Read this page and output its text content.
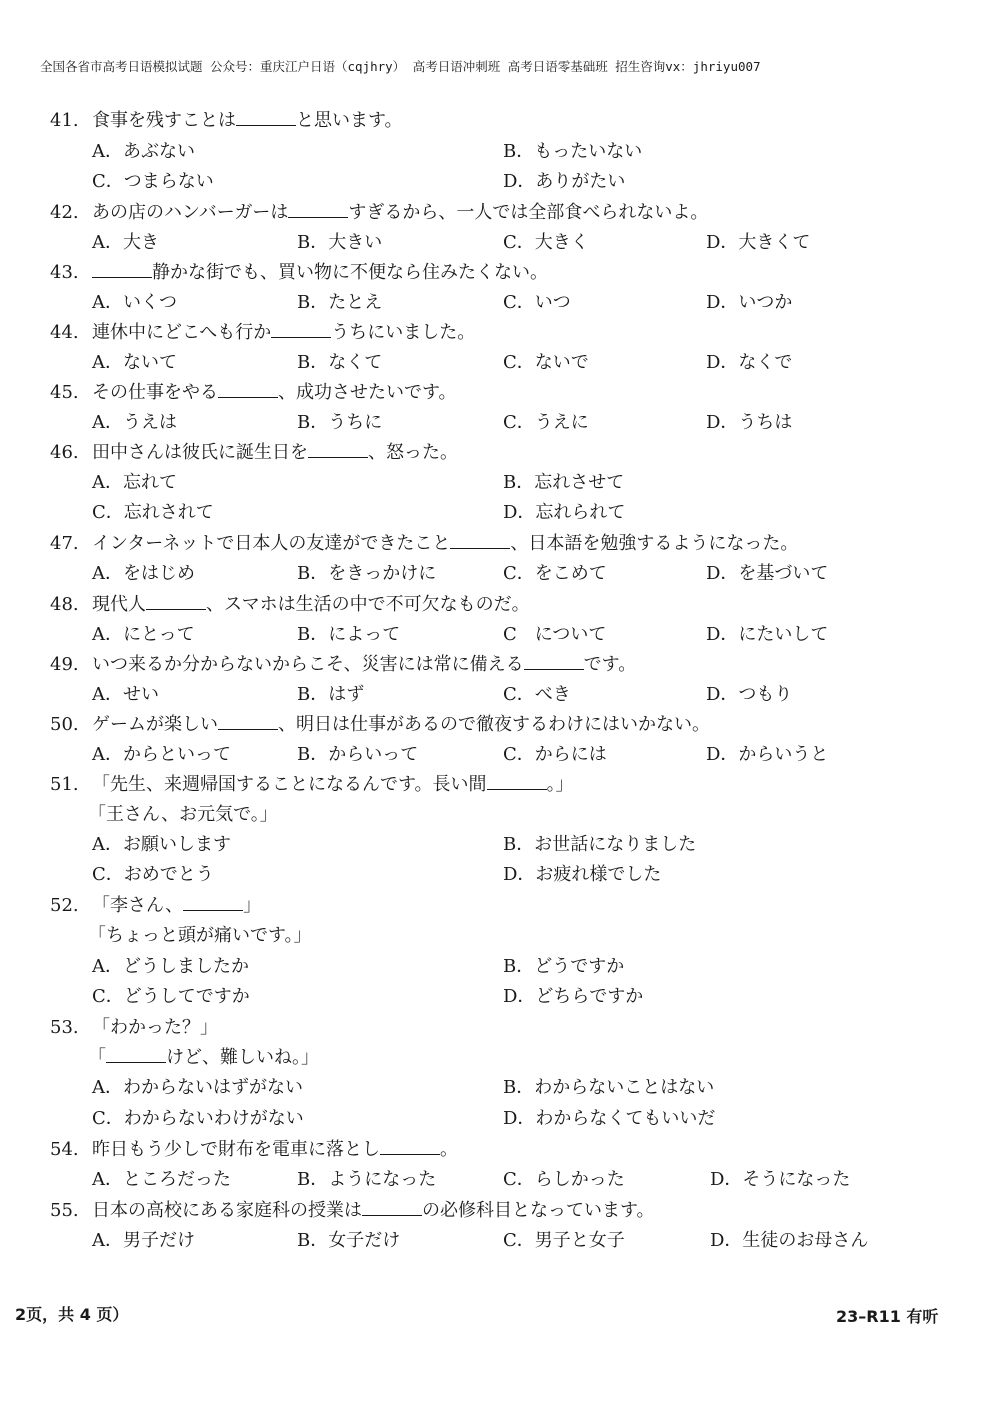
全国各省市高考日语模拟试题 公众号：重庆江户日语（cqjhry） 高考日语冲刺班 高考日语零基础班 招生咨询vx：jhriyu007
41. 食事を残すことは	と思います。
A．あぶない	B．もったいない
C．つまらない	D．ありがたい
42. あの店のハンバーガーは	すぎるから、一人では全部食べられないよ。
A．大き	B．大きい	C．大きく	D．大きくて
43.	静かな街でも、買い物に不便なら住みたくない。
A．いくつ	B．たとえ	C．いつ	D．いつか
44. 連休中にどこへも行か	うちにいました。
A．ないて	B．なくて	C．ないで	D．なくで
45. その仕事をやる	、成功させたいです。
A．うえは	B．うちに	C．うえに	D．うちは
46. 田中さんは彼氏に誕生日を	、怒った。
A．忘れて	B．忘れさせて
C．忘れされて	D．忘れられて
47. インターネットで日本人の友達ができたこと	、日本語を勉強するようになった。
A．をはじめ	B．をきっかけに	C．をこめて	D．を基づいて
48. 現代人	、スマホは生活の中で不可欠なものだ。
A．にとって	B．によって	C　について	D．にたいして
49. いつ来るか分からないからこそ、災害には常に備える	です。
A．せい	B．はず	C．べき	D．つもり
50. ゲームが楽しい	、明日は仕事があるので徹夜するわけにはいかない。
A．からといって	B．からいって	C．からには	D．からいうと
51. 「先生、来週帰国することになるんです。長い間	。」
「王さん、お元気で。」
A．お願いします	B．お世話になりました
C．おめでとう	D．お疲れ様でした
52. 「李さん、	」
「ちょっと頭が痛いです。」
A．どうしましたか	B．どうですか
C．どうしてですか	D．どちらですか
53. 「わかった？」
「	けど、難しいね。」
A．わからないはずがない	B．わからないことはない
C．わからないわけがない	D．わからなくてもいいだ
54. 昨日もう少しで財布を電車に落とし	。
A．ところだった	B．ようになった	C．らしかった	D．そうになった
55. 日本の高校にある家庭科の授業は	の必修科目となっています。
A．男子だけ	B．女子だけ	C．男子と女子	D．生徒のお母さん
2页，共 4 页）	23–R11 有听
